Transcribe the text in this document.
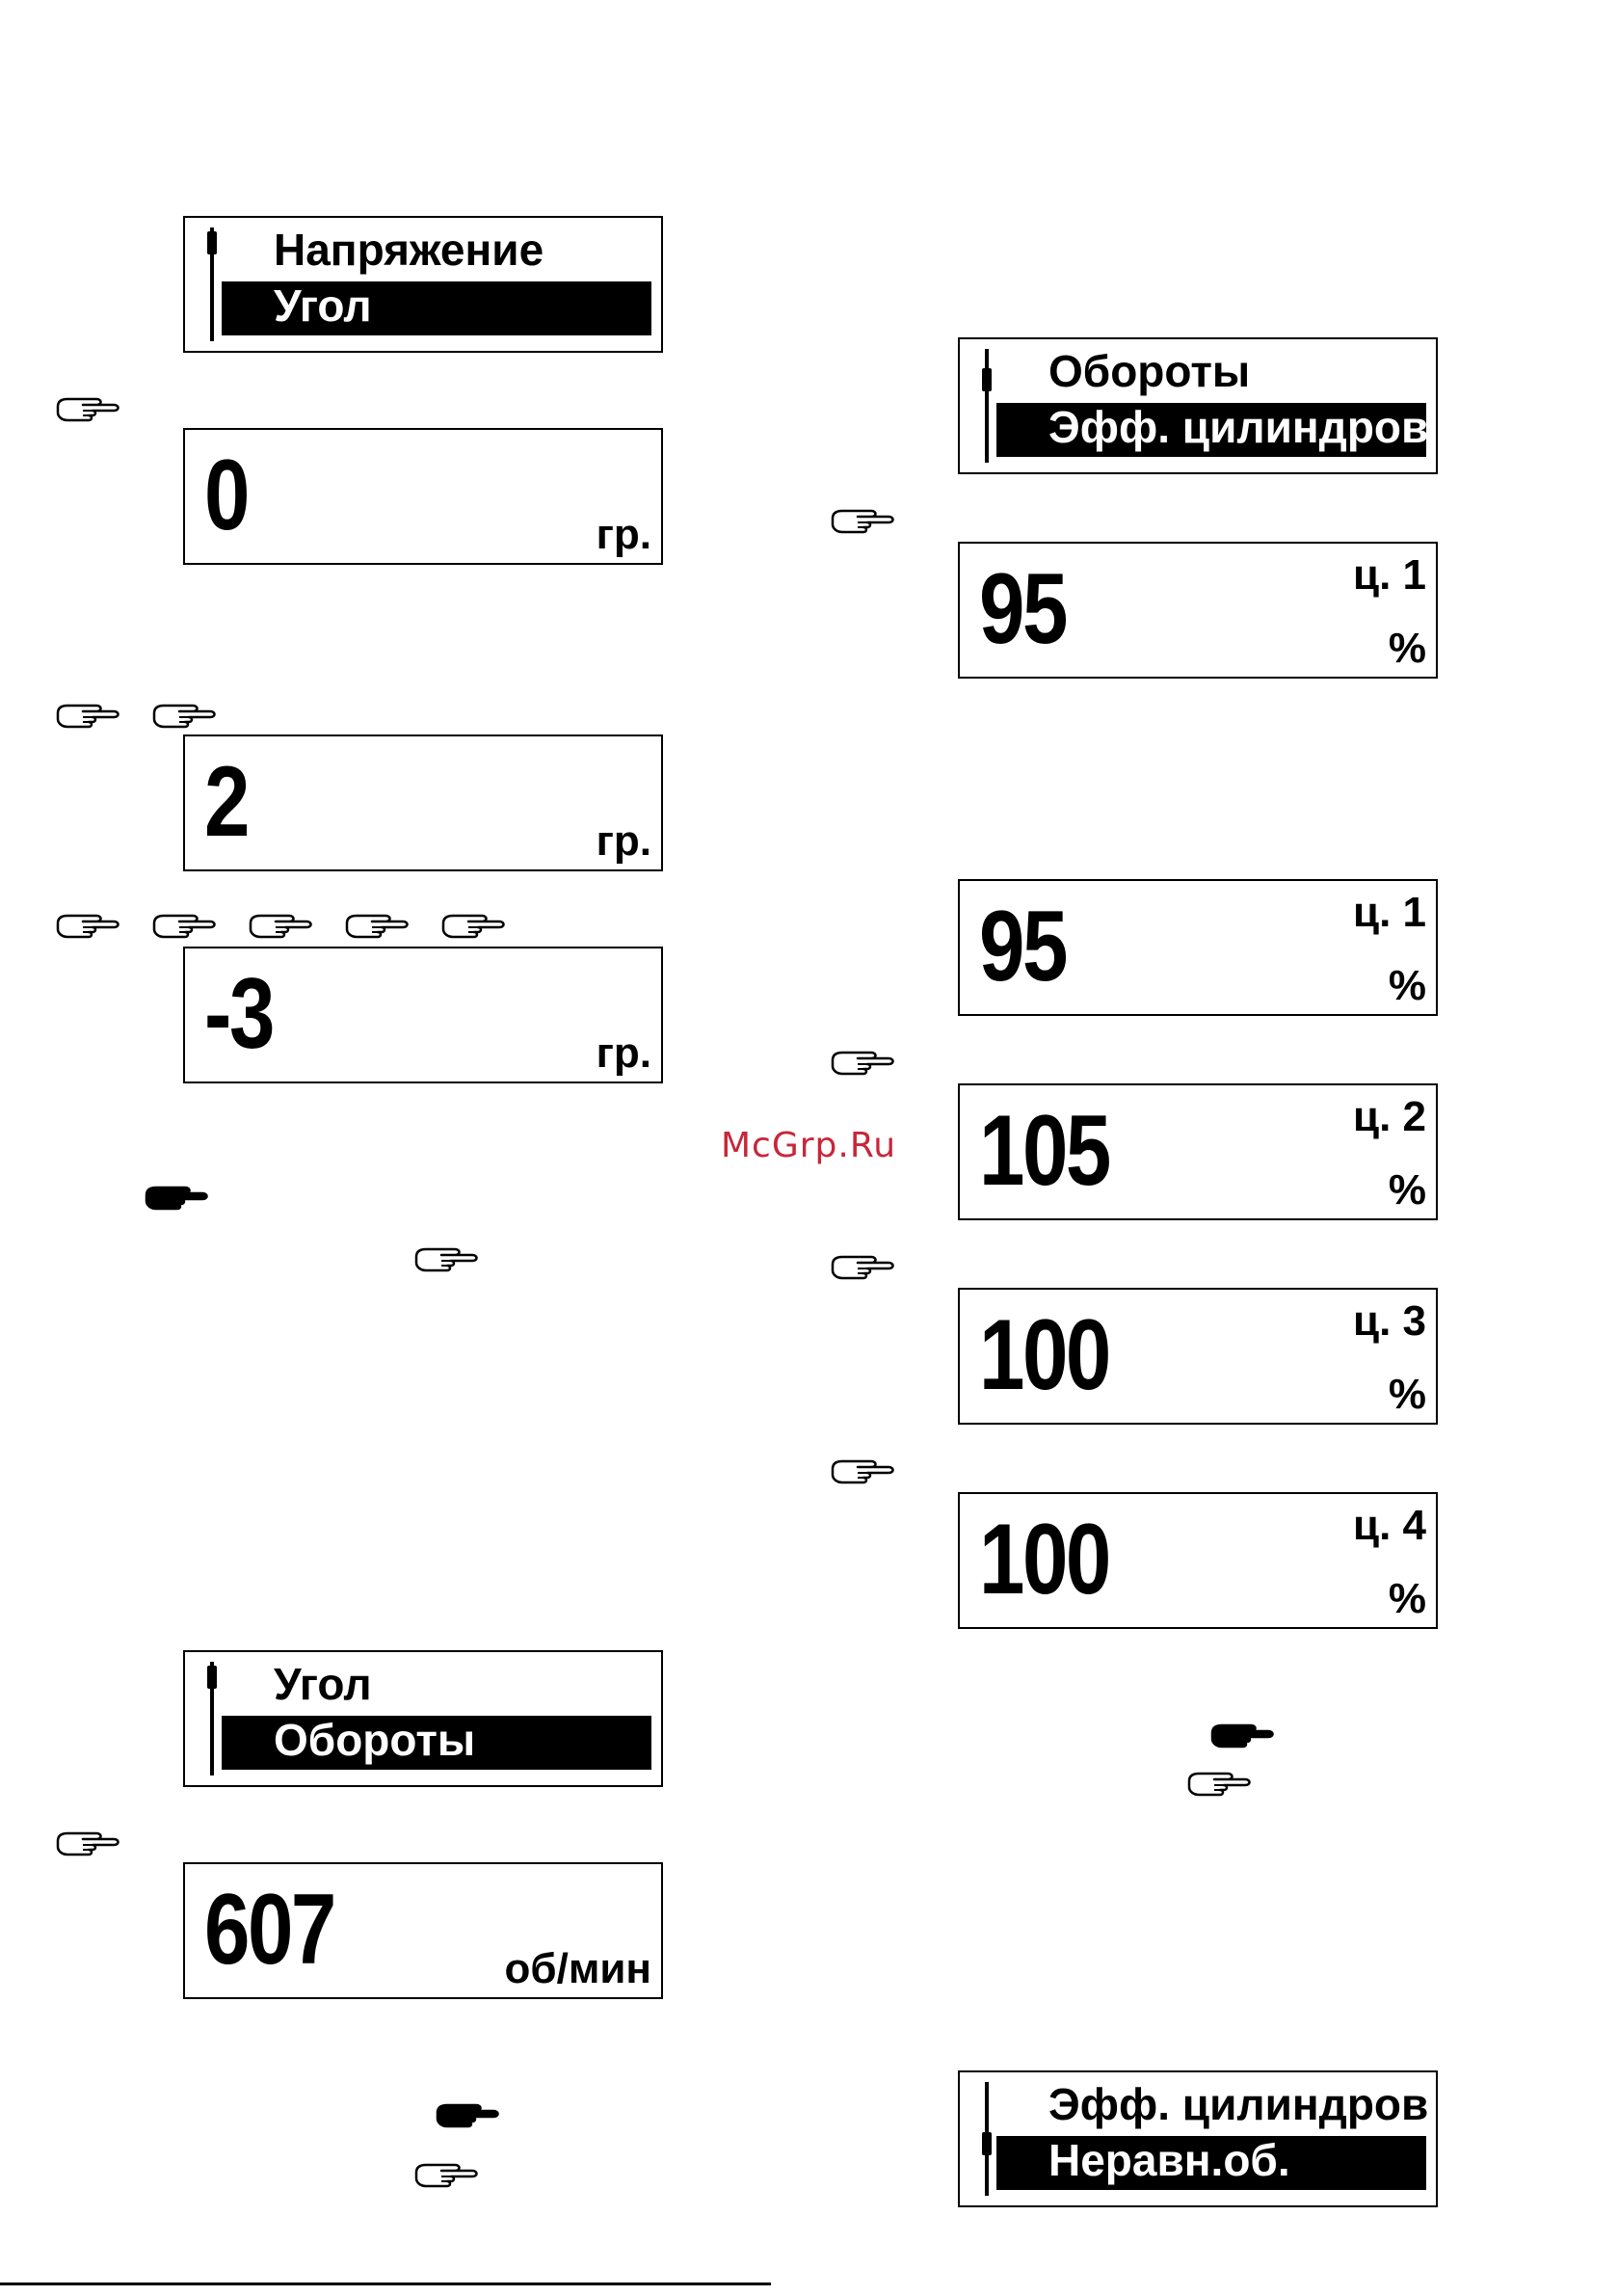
Напряжение
Угол
0	гр.
2	гр.
-3	гр.
Угол
Обороты
607	об/мин
Обороты
Эфф. цилиндров
95	ц. 1
%
95	ц. 1
%
105	ц. 2
%
100	ц. 3
%
100	ц. 4
%
Эфф. цилиндров
Неравн.об.
McGrp.Ru
